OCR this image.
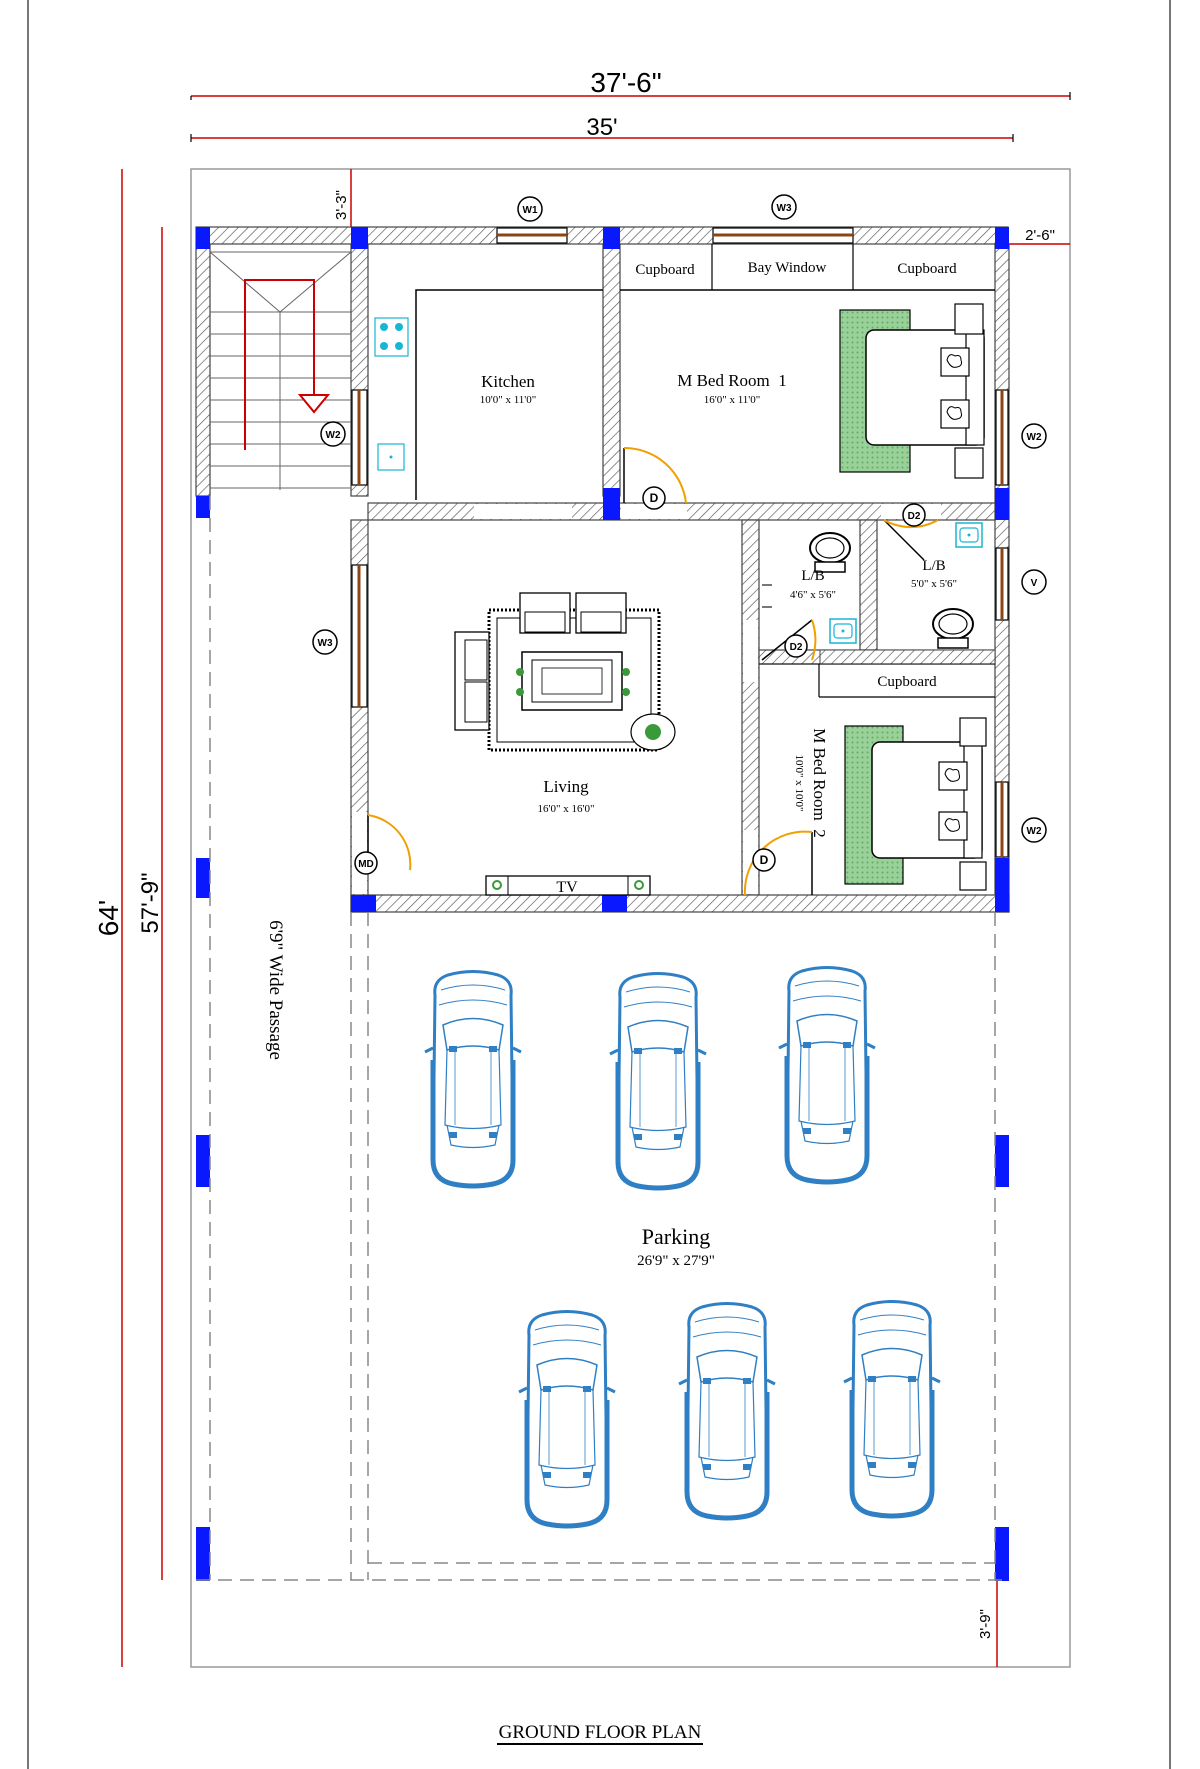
37'-6"
35'
64' 57'-9"
3'-3"
2'-6"
3'-9"
Kitchen
10'0" x 11'0"
Cupboard	Bay Window	Cupboard
M Bed Room  1
16'0" x 11'0"
L/B
4'6" x 5'6"
L/B
5'0" x 5'6"
Cupboard
M Bed Room  2
10'0" x 10'0"
Living
16'0" x 16'0"
TV
W1	W3
W2	W2
V
W2
W3
D
D2
D2
MD	D
6'9" Wide Passage
Parking
26'9" x 27'9"
GROUND FLOOR PLAN
